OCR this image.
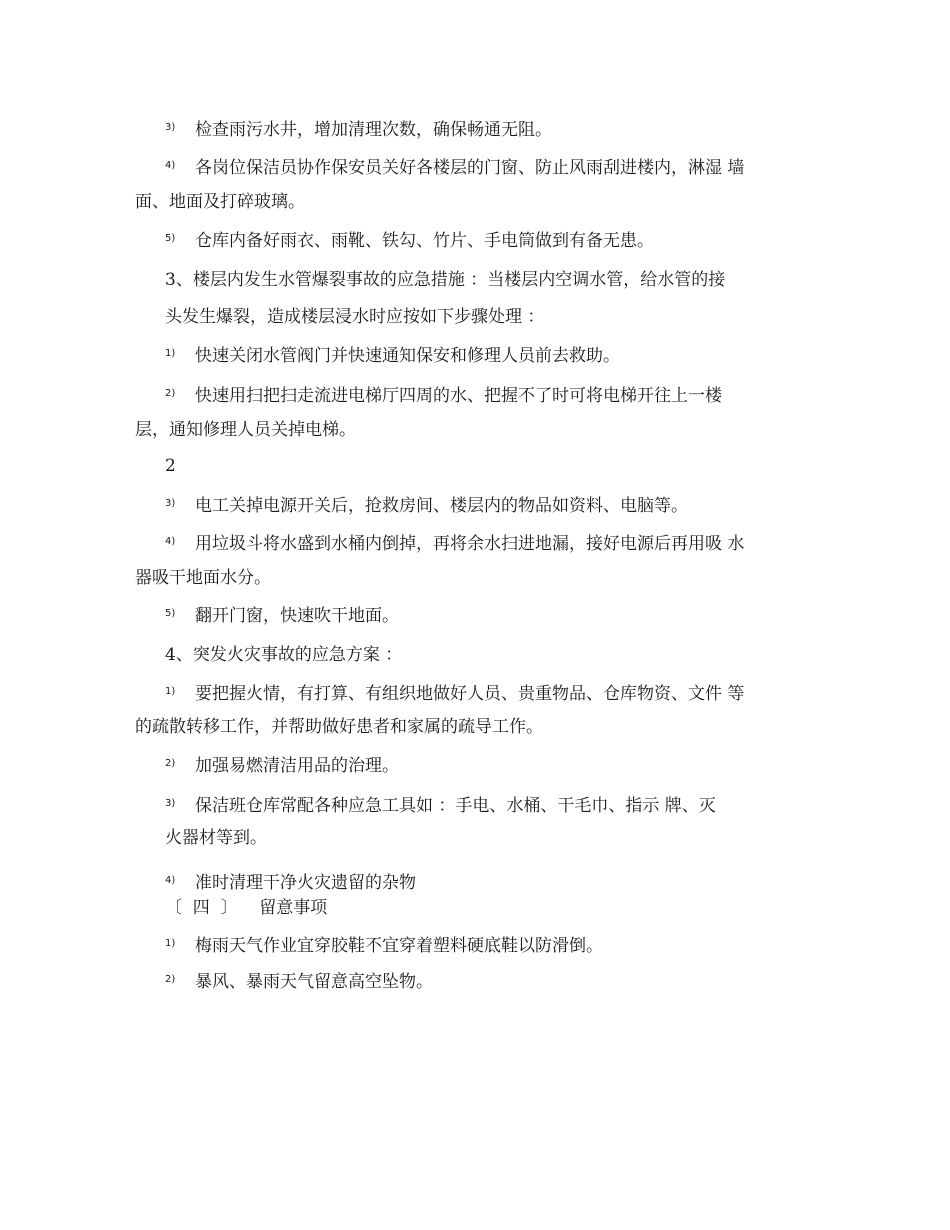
3) 检查雨污水井，增加清理次数，确保畅通无阻。
4) 各岗位保洁员协作保安员关好各楼层的门窗、防止风雨刮进楼内，淋湿 墙
面、地面及打碎玻璃。
5) 仓库内备好雨衣、雨靴、铁勾、竹片、手电筒做到有备无患。
3、楼层内发生水管爆裂事故的应急措施 ：当楼层内空调水管，给水管的接
头发生爆裂，造成楼层浸水时应按如下步骤处理 ：
1) 快速关闭水管阀门并快速通知保安和修理人员前去救助。
2) 快速用扫把扫走流进电梯厅四周的水、把握不了时可将电梯开往上一楼
层，通知修理人员关掉电梯。
2
3) 电工关掉电源开关后，抢救房间、楼层内的物品如资料、电脑等。
4) 用垃圾斗将水盛到水桶内倒掉，再将余水扫进地漏，接好电源后再用吸 水
器吸干地面水分。
5) 翻开门窗，快速吹干地面。
4、突发火灾事故的应急方案 ：
1) 要把握火情，有打算、有组织地做好人员、贵重物品、仓库物资、文件 等
的疏散转移工作，并帮助做好患者和家属的疏导工作。
2) 加强易燃清洁用品的治理。
3) 保洁班仓库常配各种应急工具如 ：手电、水桶、干毛巾、指示 牌、灭
火器材等到。
4) 准时清理干净火灾遗留的杂物
〔  四  〕    留意事项
1) 梅雨天气作业宜穿胶鞋不宜穿着塑料硬底鞋以防滑倒。
2) 暴风、暴雨天气留意高空坠物。
